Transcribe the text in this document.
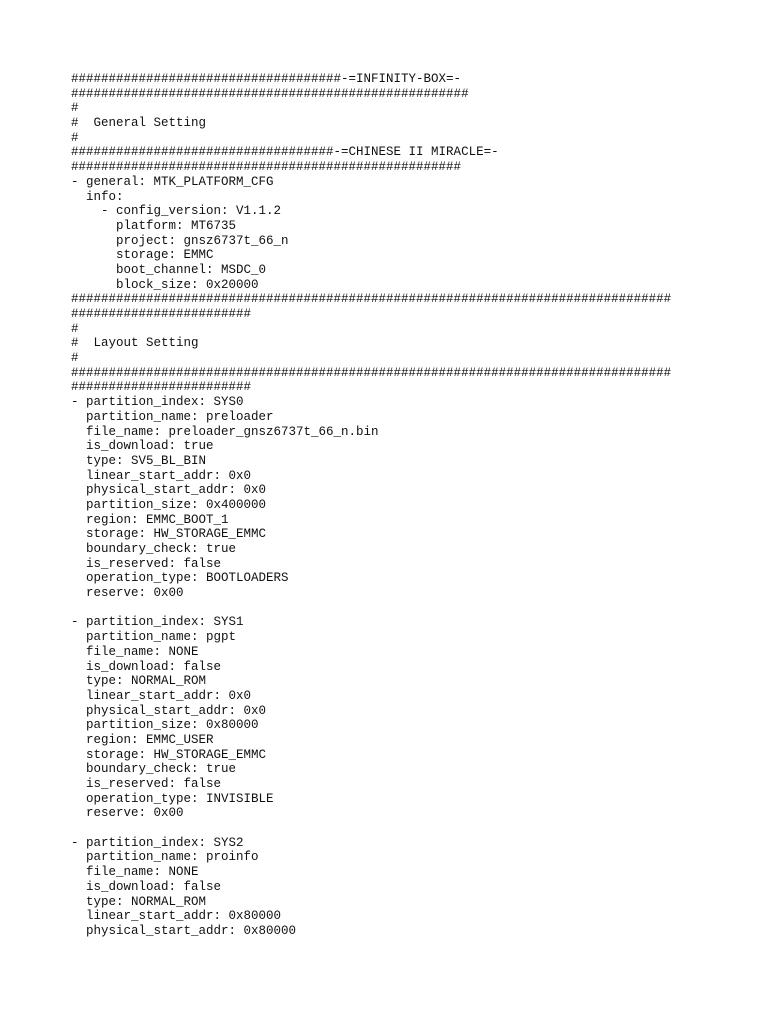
####################################-=INFINITY-BOX=-
#####################################################
#
#  General Setting
#
###################################-=CHINESE II MIRACLE=-
####################################################
- general: MTK_PLATFORM_CFG
info:
- config_version: V1.1.2
platform: MT6735
project: gnsz6737t_66_n
storage: EMMC
boot_channel: MSDC_0
block_size: 0x20000
################################################################################
########################
#
#  Layout Setting
#
################################################################################
########################
- partition_index: SYS0
partition_name: preloader
file_name: preloader_gnsz6737t_66_n.bin
is_download: true
type: SV5_BL_BIN
linear_start_addr: 0x0
physical_start_addr: 0x0
partition_size: 0x400000
region: EMMC_BOOT_1
storage: HW_STORAGE_EMMC
boundary_check: true
is_reserved: false
operation_type: BOOTLOADERS
reserve: 0x00
- partition_index: SYS1
partition_name: pgpt
file_name: NONE
is_download: false
type: NORMAL_ROM
linear_start_addr: 0x0
physical_start_addr: 0x0
partition_size: 0x80000
region: EMMC_USER
storage: HW_STORAGE_EMMC
boundary_check: true
is_reserved: false
operation_type: INVISIBLE
reserve: 0x00
- partition_index: SYS2
partition_name: proinfo
file_name: NONE
is_download: false
type: NORMAL_ROM
linear_start_addr: 0x80000
physical_start_addr: 0x80000
